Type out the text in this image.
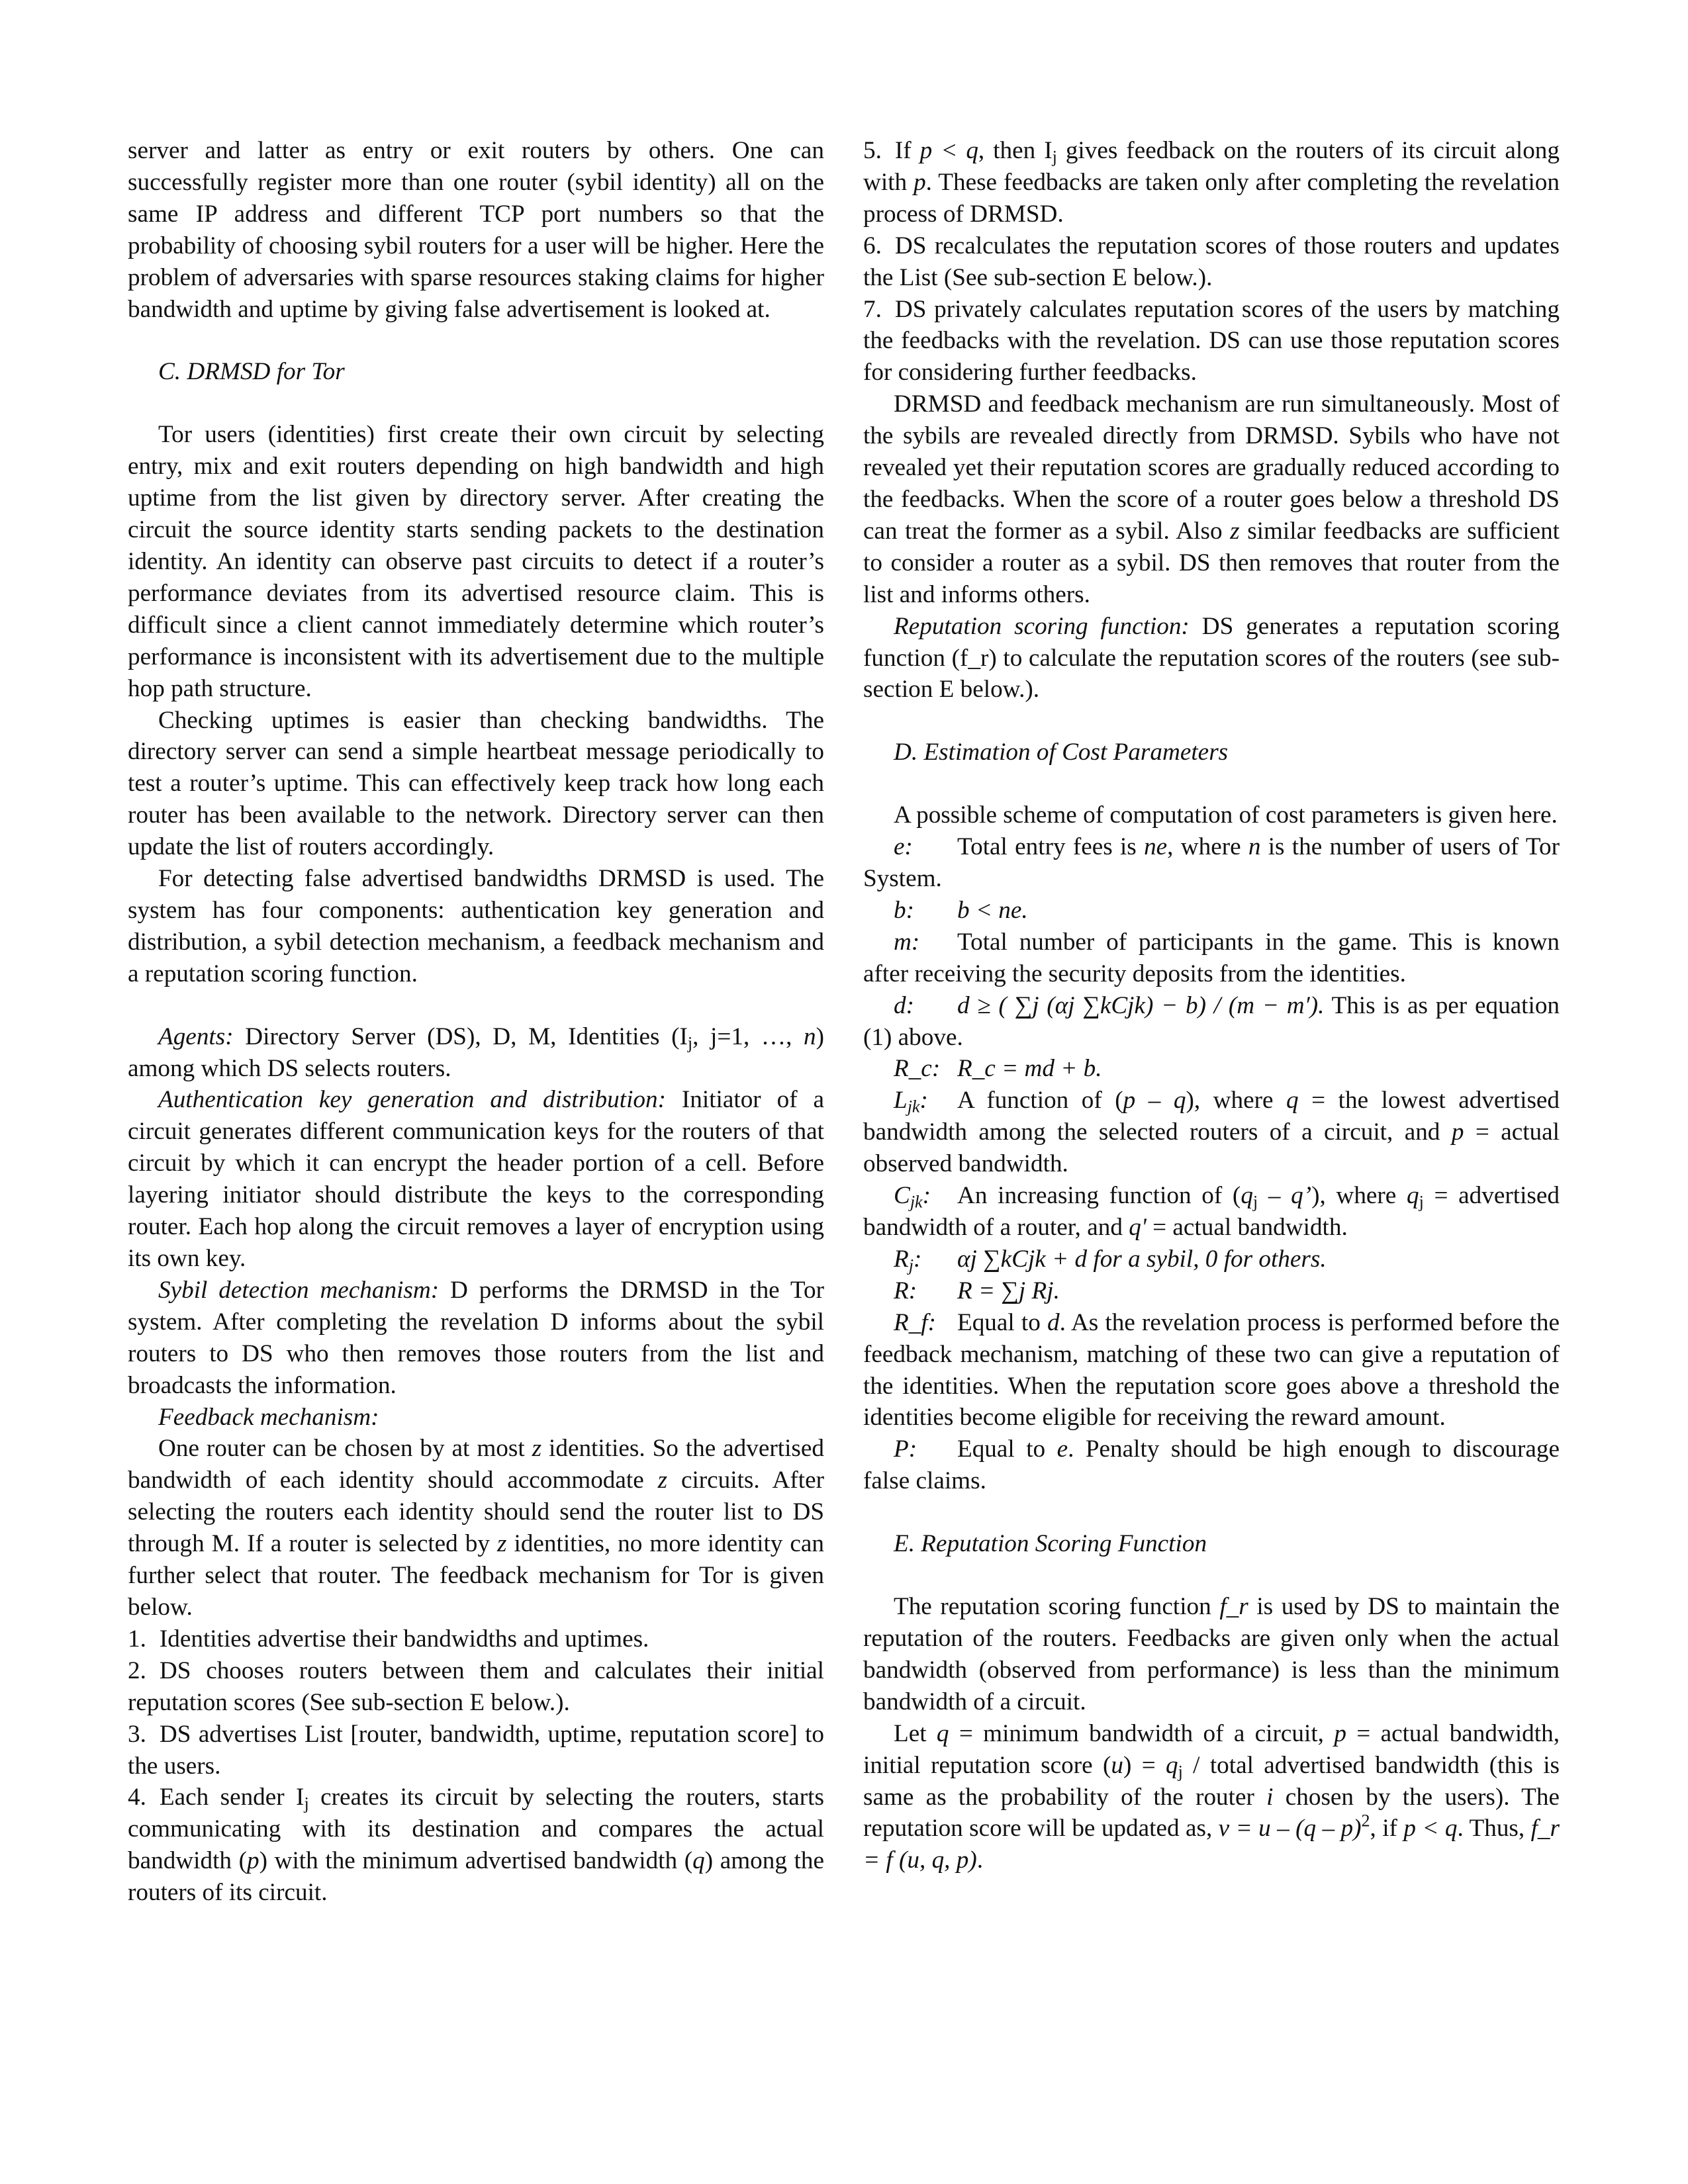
server and latter as entry or exit routers by others. One can successfully register more than one router (sybil identity) all on the same IP address and different TCP port numbers so that the probability of choosing sybil routers for a user will be higher. Here the problem of adversaries with sparse resources staking claims for higher bandwidth and uptime by giving false advertisement is looked at.

C. DRMSD for Tor

Tor users (identities) first create their own circuit by selecting entry, mix and exit routers depending on high bandwidth and high uptime from the list given by directory server. After creating the circuit the source identity starts sending packets to the destination identity. An identity can observe past circuits to detect if a router’s performance deviates from its advertised resource claim. This is difficult since a client cannot immediately determine which router’s performance is inconsistent with its advertisement due to the multiple hop path structure.

Checking uptimes is easier than checking bandwidths. The directory server can send a simple heartbeat message periodically to test a router’s uptime. This can effectively keep track how long each router has been available to the network. Directory server can then update the list of routers accordingly.

For detecting false advertised bandwidths DRMSD is used. The system has four components: authentication key generation and distribution, a sybil detection mechanism, a feedback mechanism and a reputation scoring function.

Agents: Directory Server (DS), D, M, Identities ($I_j$, j=1, …, n) among which DS selects routers.

Authentication key generation and distribution: Initiator of a circuit generates different communication keys for the routers of that circuit by which it can encrypt the header portion of a cell. Before layering initiator should distribute the keys to the corresponding router. Each hop along the circuit removes a layer of encryption using its own key.

Sybil detection mechanism: D performs the DRMSD in the Tor system. After completing the revelation D informs about the sybil routers to DS who then removes those routers from the list and broadcasts the information.

Feedback mechanism:

One router can be chosen by at most z identities. So the advertised bandwidth of each identity should accommodate z circuits. After selecting the routers each identity should send the router list to DS through M. If a router is selected by z identities, no more identity can further select that router. The feedback mechanism for Tor is given below.

1. Identities advertise their bandwidths and uptimes.

2. DS chooses routers between them and calculates their initial reputation scores (See sub-section E below.).

3. DS advertises List [router, bandwidth, uptime, reputation score] to the users.

4. Each sender $I_j$ creates its circuit by selecting the routers, starts communicating with its destination and compares the actual bandwidth (p) with the minimum advertised bandwidth (q) among the routers of its circuit.

5. If p < q, then $I_j$ gives feedback on the routers of its circuit along with p. These feedbacks are taken only after completing the revelation process of DRMSD.

6. DS recalculates the reputation scores of those routers and updates the List (See sub-section E below.).

7. DS privately calculates reputation scores of the users by matching the feedbacks with the revelation. DS can use those reputation scores for considering further feedbacks.

DRMSD and feedback mechanism are run simultaneously. Most of the sybils are revealed directly from DRMSD. Sybils who have not revealed yet their reputation scores are gradually reduced according to the feedbacks. When the score of a router goes below a threshold DS can treat the former as a sybil. Also z similar feedbacks are sufficient to consider a router as a sybil. DS then removes that router from the list and informs others.

Reputation scoring function: DS generates a reputation scoring function (f_r) to calculate the reputation scores of the routers (see sub-section E below.).

D. Estimation of Cost Parameters

A possible scheme of computation of cost parameters is given here.

e: Total entry fees is ne, where n is the number of users of Tor System.

b: b < ne.

m: Total number of participants in the game. This is known after receiving the security deposits from the identities.

d: d ≥ ( ∑j (αj ∑kCjk) − b) / (m − m′). This is as per equation (1) above.

R_c: R_c = md + b.

$L_{jk}$: A function of (p – q), where q = the lowest advertised bandwidth among the selected routers of a circuit, and p = actual observed bandwidth.

$C_{jk}$: An increasing function of ($q_j$ – q’), where $q_j$ = advertised bandwidth of a router, and q' = actual bandwidth.

$R_j$: αj ∑kCjk + d for a sybil, 0 for others.

R: R = ∑j Rj.

R_f: Equal to d. As the revelation process is performed before the feedback mechanism, matching of these two can give a reputation of the identities. When the reputation score goes above a threshold the identities become eligible for receiving the reward amount.

P: Equal to e. Penalty should be high enough to discourage false claims.

E. Reputation Scoring Function

The reputation scoring function f_r is used by DS to maintain the reputation of the routers. Feedbacks are given only when the actual bandwidth (observed from performance) is less than the minimum bandwidth of a circuit.

Let q = minimum bandwidth of a circuit, p = actual bandwidth, initial reputation score $(u) = q_j$ / total advertised bandwidth (this is same as the probability of the router i chosen by the users). The reputation score will be updated as, v = u – (q – p)$^2$, if p < q. Thus, f_r = f (u, q, p).
